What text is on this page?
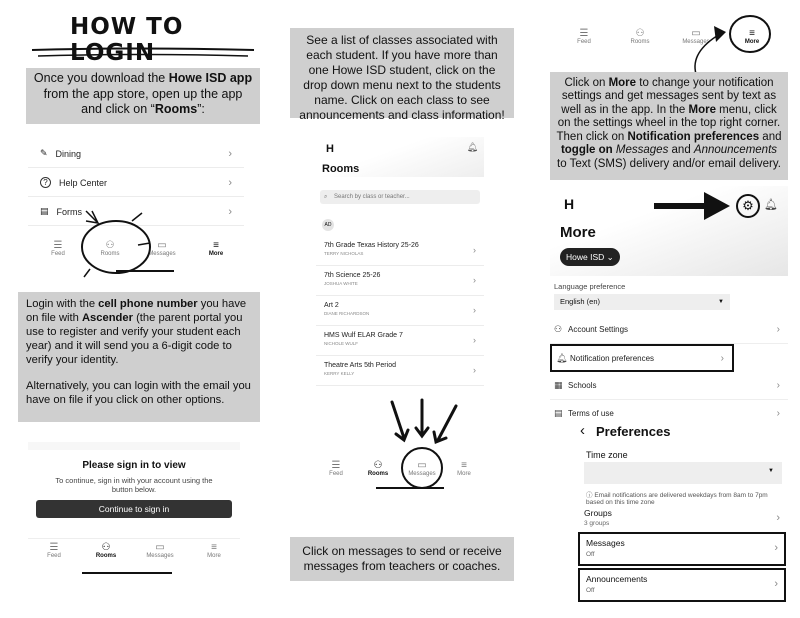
HOW TO LOGIN
Once you download the Howe ISD app from the app store, open up the app and click on “Rooms”:
✎ Dining	›
?	Help Center	›
▤ Forms	›
☰
Feed
⚇
Rooms
▭
Messages
≡
More
Login with the cell phone number you have on file with Ascender (the parent portal you use to register and verify your student each year) and it will send you a 6-digit code to verify your identity.
Alternatively, you can login with the email you have on file if you click on other options.
Please sign in to view
To continue, sign in with your account using the button below.
Continue to sign in
☰
Feed
⚇
Rooms
▭
Messages
≡
More
See a list of classes associated with each student. If you have more than one Howe ISD student, click on the drop down menu next to the students name. Click on each class to see announcements and class information!
H	🔔︎
Rooms
⌕ Search by class or teacher...
AD
7th Grade Texas History 25-26
TERRY NICHOLAS	›
7th Science 25-26
JOSHUA WHITE	›
Art 2
DIANE RICHARDSON	›
HMS Wulf ELAR Grade 7
NICHOLE WULF	›
Theatre Arts 5th Period
KERRY KELLY	›
☰
Feed
⚇
Rooms
▭
Messages
≡
More
Click on messages to send or receive messages from teachers or coaches.
☰
Feed
⚇
Rooms
▭
Messages
≡
More
Click on More to change your notification settings and get messages sent by text as well as in the app. In the More menu, click on the settings wheel in the top right corner. Then click on Notification preferences and toggle on Messages and Announcements to Text (SMS) delivery and/or email delivery.
H	⚙ 🔔︎
More
Howe ISD ⌄
Language preference
English (en)	▼
⚇ Account Settings	›
🔔︎ Notification preferences	›
▦ Schools	›
▤ Terms of use	›
‹ Preferences
Time zone
▼
ⓘ Email notifications are delivered weekdays from 8am to 7pm based on this time zone
Groups
3 groups	›
Messages
Off
›
Announcements
Off
›
